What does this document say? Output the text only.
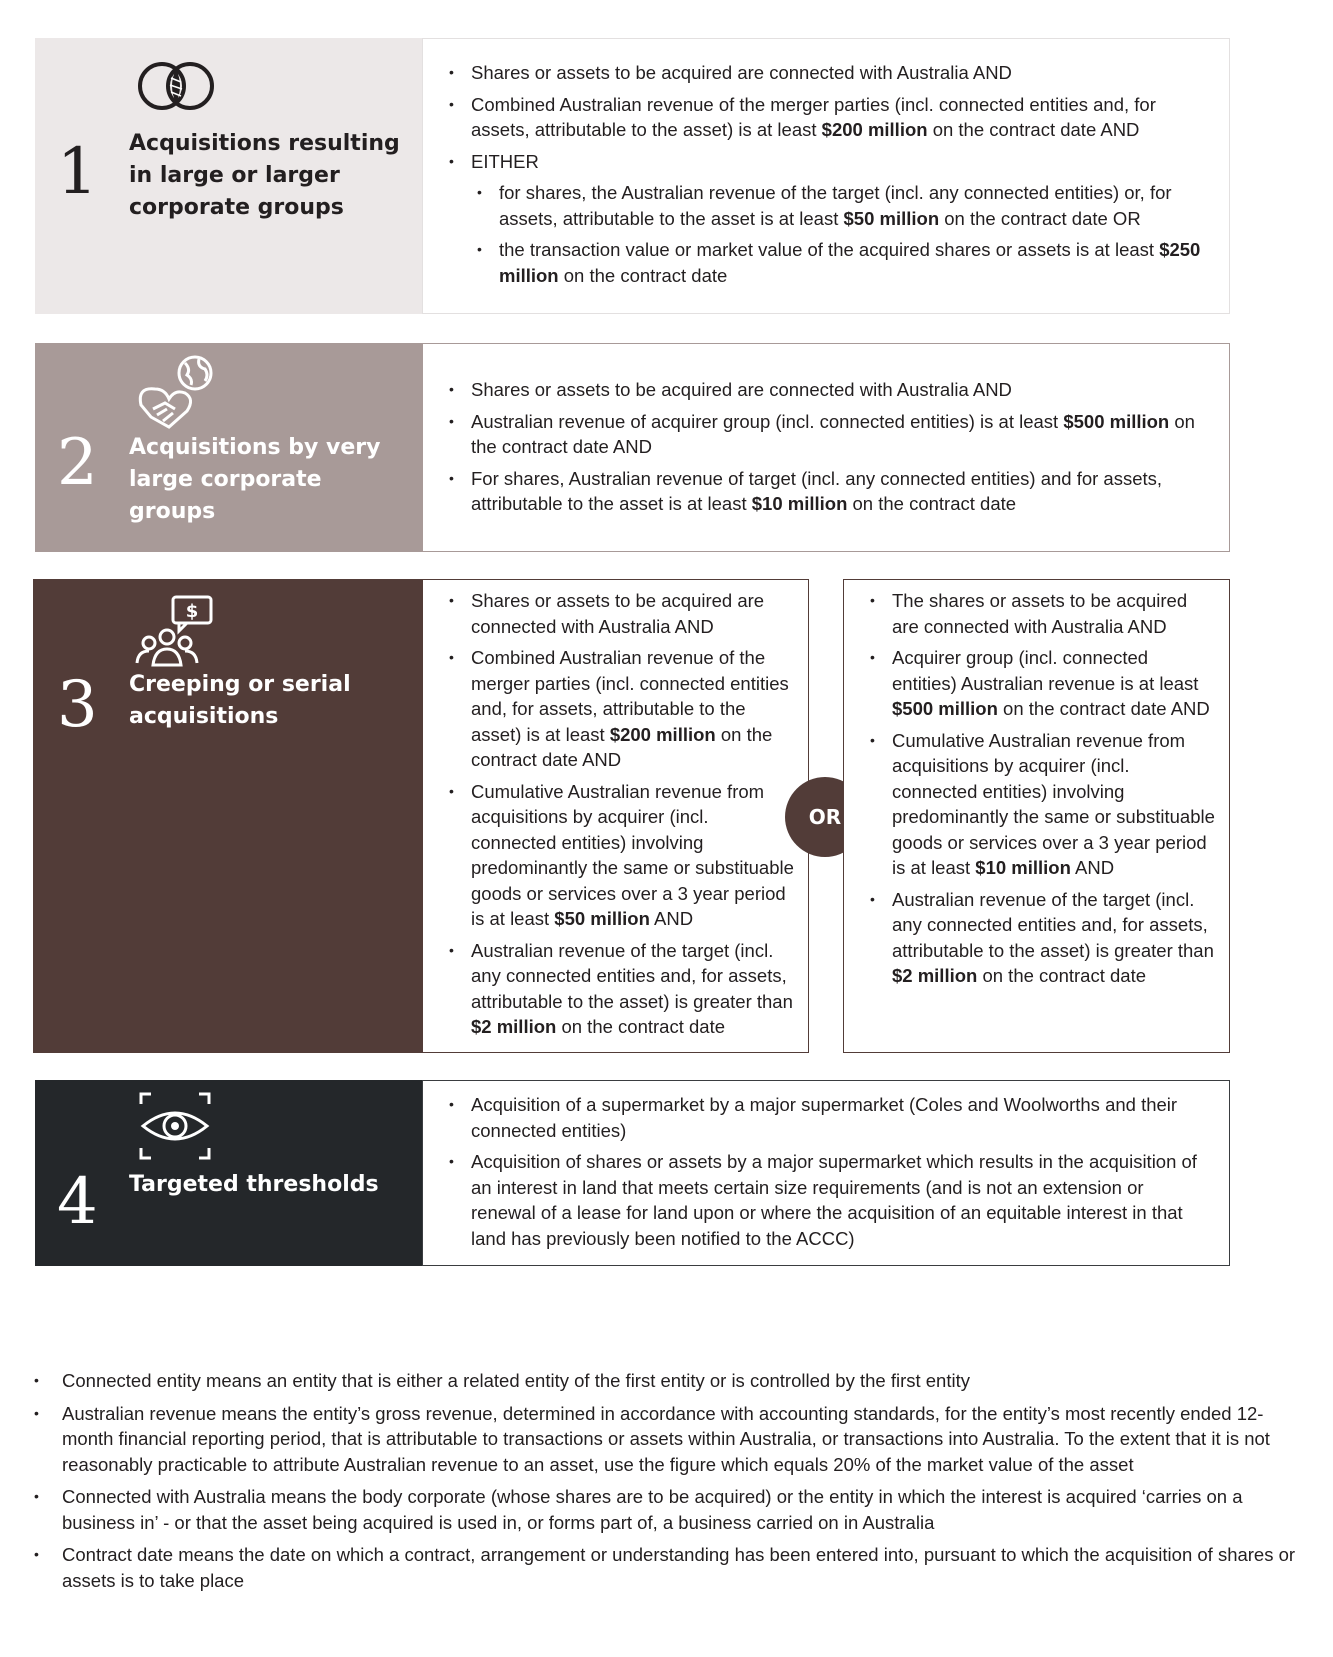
1 Acquisitions resulting in large or larger corporate groups
• Shares or assets to be acquired are connected with Australia AND
• Combined Australian revenue of the merger parties (incl. connected entities and, for assets, attributable to the asset) is at least $200 million on the contract date AND
• EITHER
• for shares, the Australian revenue of the target (incl. any connected entities) or, for assets, attributable to the asset is at least $50 million on the contract date OR
• the transaction value or market value of the acquired shares or assets is at least $250 million on the contract date
2 Acquisitions by very large corporate groups
• Shares or assets to be acquired are connected with Australia AND
• Australian revenue of acquirer group (incl. connected entities) is at least $500 million on the contract date AND
• For shares, Australian revenue of target (incl. any connected entities) and for assets, attributable to the asset is at least $10 million on the contract date
$
3 Creeping or serial acquisitions
• Shares or assets to be acquired are connected with Australia AND
• Combined Australian revenue of the merger parties (incl. connected entities and, for assets, attributable to the asset) is at least $200 million on the contract date AND
• Cumulative Australian revenue from acquisitions by acquirer (incl. connected entities) involving predominantly the same or substituable goods or services over a 3 year period is at least $50 million AND
• Australian revenue of the target (incl. any connected entities and, for assets, attributable to the asset) is greater than $2 million on the contract date
OR
• The shares or assets to be acquired are connected with Australia AND
• Acquirer group (incl. connected entities) Australian revenue is at least $500 million on the contract date AND
• Cumulative Australian revenue from acquisitions by acquirer (incl. connected entities) involving predominantly the same or substituable goods or services over a 3 year period is at least $10 million AND
• Australian revenue of the target (incl. any connected entities and, for assets, attributable to the asset) is greater than $2 million on the contract date
4 Targeted thresholds
• Acquisition of a supermarket by a major supermarket (Coles and Woolworths and their connected entities)
• Acquisition of shares or assets by a major supermarket which results in the acquisition of an interest in land that meets certain size requirements (and is not an extension or renewal of a lease for land upon or where the acquisition of an equitable interest in that land has previously been notified to the ACCC)
• Connected entity means an entity that is either a related entity of the first entity or is controlled by the first entity
• Australian revenue means the entity’s gross revenue, determined in accordance with accounting standards, for the entity’s most recently ended 12-month financial reporting period, that is attributable to transactions or assets within Australia, or transactions into Australia. To the extent that it is not reasonably practicable to attribute Australian revenue to an asset, use the figure which equals 20% of the market value of the asset
• Connected with Australia means the body corporate (whose shares are to be acquired) or the entity in which the interest is acquired ‘carries on a business in’ - or that the asset being acquired is used in, or forms part of, a business carried on in Australia
• Contract date means the date on which a contract, arrangement or understanding has been entered into, pursuant to which the acquisition of shares or assets is to take place
